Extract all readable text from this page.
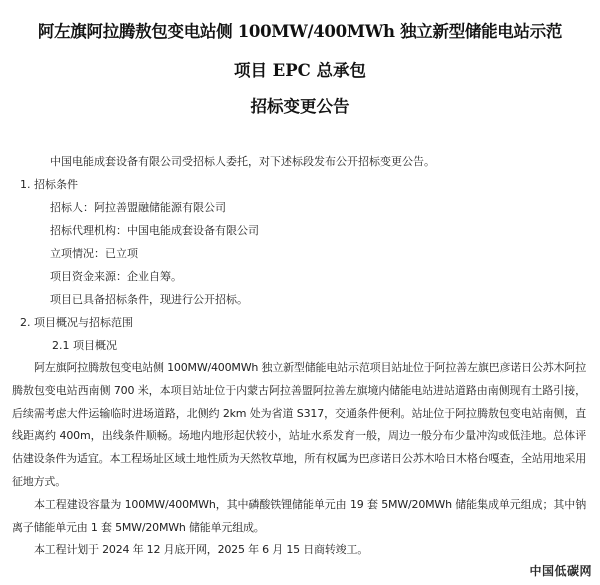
阿左旗阿拉腾敖包变电站侧 100MW/400MWh 独立新型储能电站示范
项目 EPC 总承包
招标变更公告

中国电能成套设备有限公司受招标人委托，对下述标段发布公开招标变更公告。

1. 招标条件

招标人：阿拉善盟融储能源有限公司

招标代理机构：中国电能成套设备有限公司

立项情况：已立项

项目资金来源：企业自筹。

项目已具备招标条件，现进行公开招标。

2. 项目概况与招标范围

2.1 项目概况

阿左旗阿拉腾敖包变电站侧 100MW/400MWh 独立新型储能电站示范项目站址位于阿拉善左旗巴彦诺日公苏木阿拉腾敖包变电站西南侧 700 米，本项目站址位于内蒙古阿拉善盟阿拉善左旗境内储能电站进站道路由南侧现有土路引接，后续需考虑大件运输临时进场道路，北侧约 2km 处为省道 S317，交通条件便利。站址位于阿拉腾敖包变电站南侧，直线距离约 400m，出线条件顺畅。场地内地形起伏较小，站址水系发育一般，周边一般分布少量冲沟或低洼地。总体评估建设条件为适宜。本工程场址区域土地性质为天然牧草地，所有权属为巴彦诺日公苏木哈日木格台嘎查，全站用地采用征地方式。

本工程建设容量为 100MW/400MWh，其中磷酸铁锂储能单元由 19 套 5MW/20MWh 储能集成单元组成；其中钠离子储能单元由 1 套 5MW/20MWh 储能单元组成。

本工程计划于 2024 年 12 月底开网，2025 年 6 月 15 日商转竣工。

中国低碳网
